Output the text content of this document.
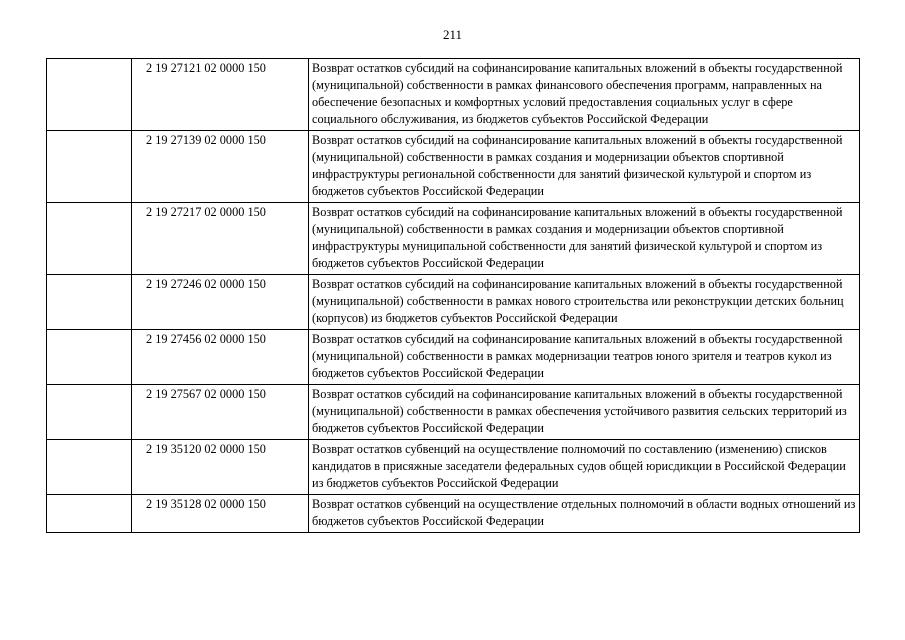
211
	2 19 27121 02 0000 150	Возврат остатков субсидий на софинансирование капитальных вложений в объекты государственной (муниципальной) собственности в рамках финансового обеспечения программ, направленных на обеспечение безопасных и комфортных условий предоставления социальных услуг в сфере социального обслуживания, из бюджетов субъектов Российской Федерации
	2 19 27139 02 0000 150	Возврат остатков субсидий на софинансирование капитальных вложений в объекты государственной (муниципальной) собственности в рамках создания и модернизации объектов спортивной инфраструктуры региональной собственности для занятий физической культурой и спортом из бюджетов субъектов Российской Федерации
	2 19 27217 02 0000 150	Возврат остатков субсидий на софинансирование капитальных вложений в объекты государственной (муниципальной) собственности в рамках создания и модернизации объектов спортивной инфраструктуры муниципальной собственности для занятий физической культурой и спортом из бюджетов субъектов Российской Федерации
	2 19 27246 02 0000 150	Возврат остатков субсидий на софинансирование капитальных вложений в объекты государственной (муниципальной) собственности в рамках нового строительства или реконструкции детских больниц (корпусов) из бюджетов субъектов Российской Федерации
	2 19 27456 02 0000 150	Возврат остатков субсидий на софинансирование капитальных вложений в объекты государственной (муниципальной) собственности в рамках модернизации театров юного зрителя и театров кукол из бюджетов субъектов Российской Федерации
	2 19 27567 02 0000 150	Возврат остатков субсидий на софинансирование капитальных вложений в объекты государственной (муниципальной) собственности в рамках обеспечения устойчивого развития сельских территорий из бюджетов субъектов Российской Федерации
	2 19 35120 02 0000 150	Возврат остатков субвенций на осуществление полномочий по составлению (изменению) списков кандидатов в присяжные заседатели федеральных судов общей юрисдикции в Российской Федерации из бюджетов субъектов Российской Федерации
	2 19 35128 02 0000 150	Возврат остатков субвенций на осуществление отдельных полномочий в области водных отношений из бюджетов субъектов Российской Федерации
